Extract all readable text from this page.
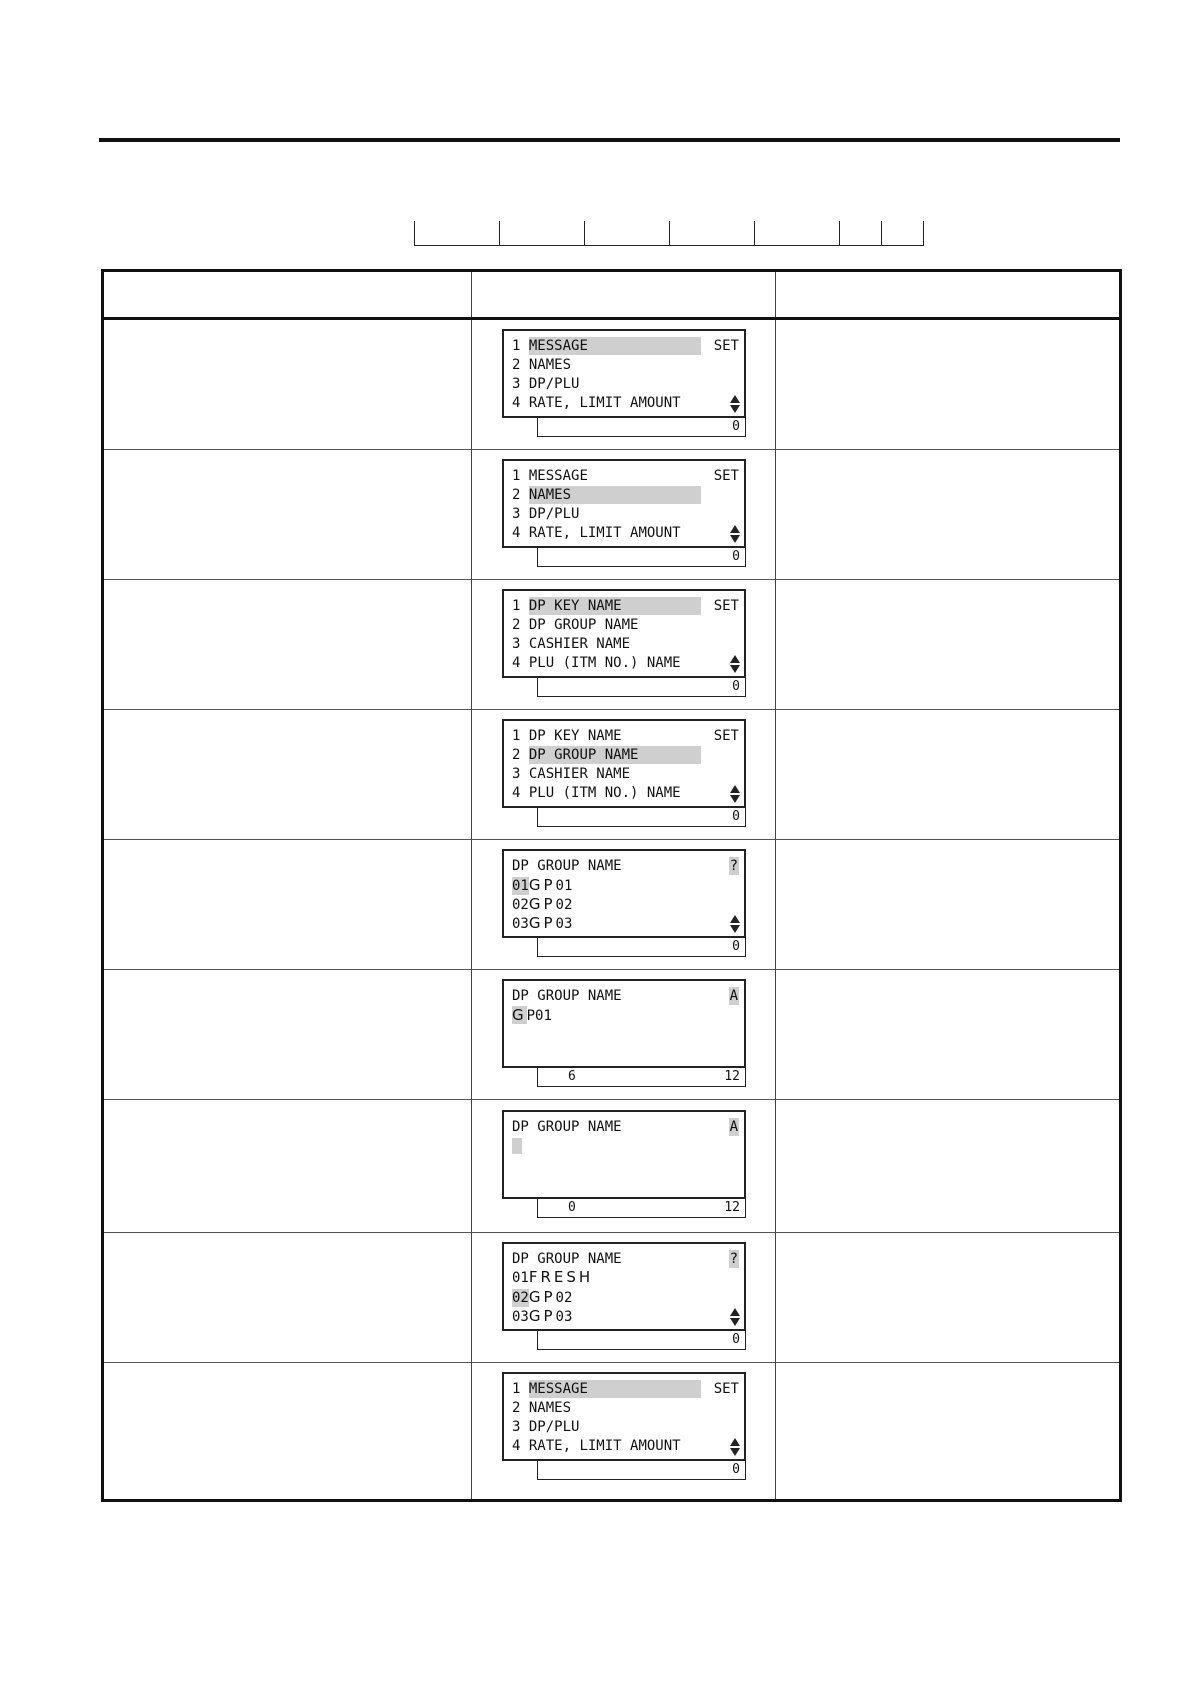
1 MESSAGE	SET
2 NAMES
3 DP/PLU
4 RATE, LIMIT AMOUNT
0
1 MESSAGE	SET
2 NAMES
3 DP/PLU
4 RATE, LIMIT AMOUNT
0
1 DP KEY NAME	SET
2 DP GROUP NAME
3 CASHIER NAME
4 PLU (ITM NO.) NAME
0
1 DP KEY NAME	SET
2 DP GROUP NAME
3 CASHIER NAME
4 PLU (ITM NO.) NAME
0
DP GROUP NAME	?
01GP01
02GP02
03GP03
0
DP GROUP NAME	A
GP01
6	12
DP GROUP NAME	A
0	12
DP GROUP NAME	?
01FRESH
02GP02
03GP03
0
1 MESSAGE	SET
2 NAMES
3 DP/PLU
4 RATE, LIMIT AMOUNT
0
